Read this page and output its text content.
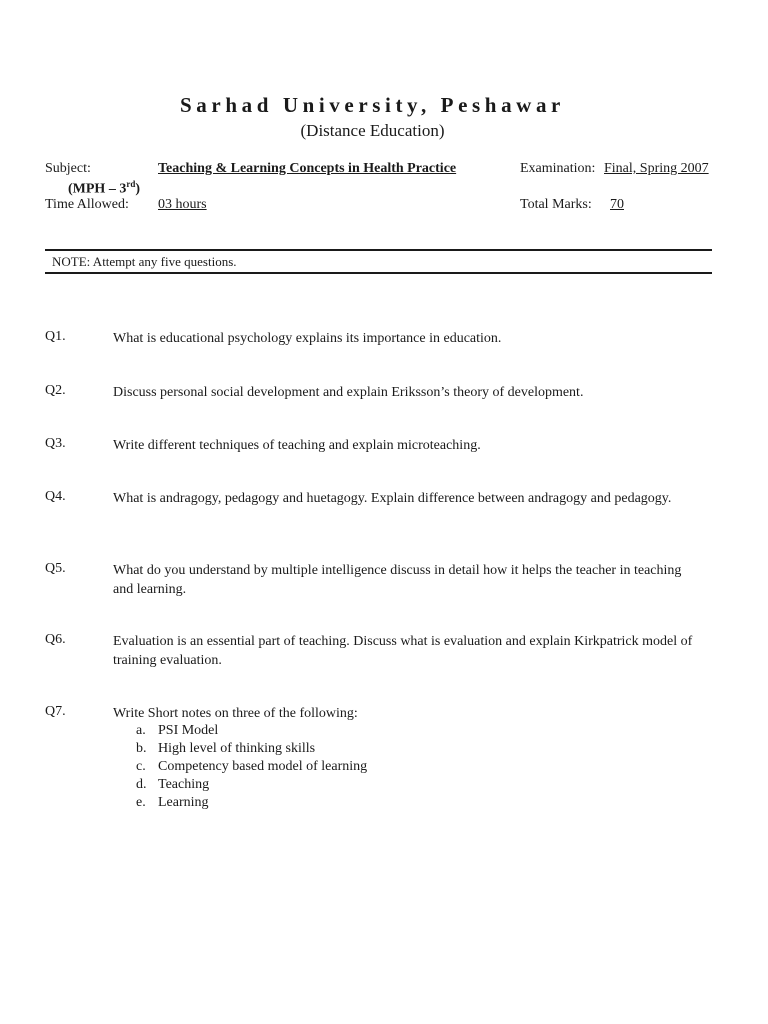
Sarhad University, Peshawar
(Distance Education)
Subject:	Teaching & Learning Concepts in Health Practice	Examination: Final, Spring 2007
(MPH – 3rd)
Time Allowed: 03 hours	Total Marks: 70
NOTE: Attempt any five questions.
Q1.	What is educational psychology explains its importance in education.
Q2.	Discuss personal social development and explain Eriksson’s theory of development.
Q3.	Write different techniques of teaching and explain microteaching.
Q4.	What is andragogy, pedagogy and huetagogy. Explain difference between andragogy and pedagogy.
Q5.	What do you understand by multiple intelligence discuss in detail how it helps the teacher in teaching and learning.
Q6.	Evaluation is an essential part of teaching. Discuss what is evaluation and explain Kirkpatrick model of training evaluation.
Q7.	Write Short notes on three of the following:
a. PSI Model
b. High level of thinking skills
c. Competency based model of learning
d. Teaching
e. Learning
